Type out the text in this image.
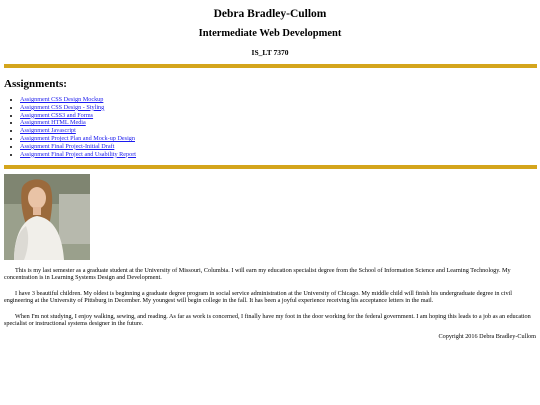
Debra Bradley-Cullom
Intermediate Web Development
IS_LT 7370
Assignments:
• Assignment CSS Design Mockup
• Assignment CSS Design - Styling
• Assignment CSS3 and Forms
• Assignment HTML Media
• Assignment Javascript
• Assignment Project Plan and Mock-up Design
• Assignment Final Project-Initial Draft
• Assignment Final Project and Usability Report

This is my last semester as a graduate student at the University of Missouri, Columbia. I will earn my education specialist degree from the School of Information Science and Learning Technology. My concentration is in Learning Systems Design and Development.

I have 3 beautiful children. My oldest is beginning a graduate degree program in social service administration at the University of Chicago. My middle child will finish his undergraduate degree in civil engineering at the University of Pittsburg in December. My youngest will begin college in the fall. It has been a joyful experience receiving his acceptance letters in the mail.

When I'm not studying, I enjoy walking, sewing, and reading. As far as work is concerned, I finally have my foot in the door working for the federal government. I am hoping this leads to a job as an education specialist or instructional systems designer in the future.

Copyright 2016 Debra Bradley-Cullom
